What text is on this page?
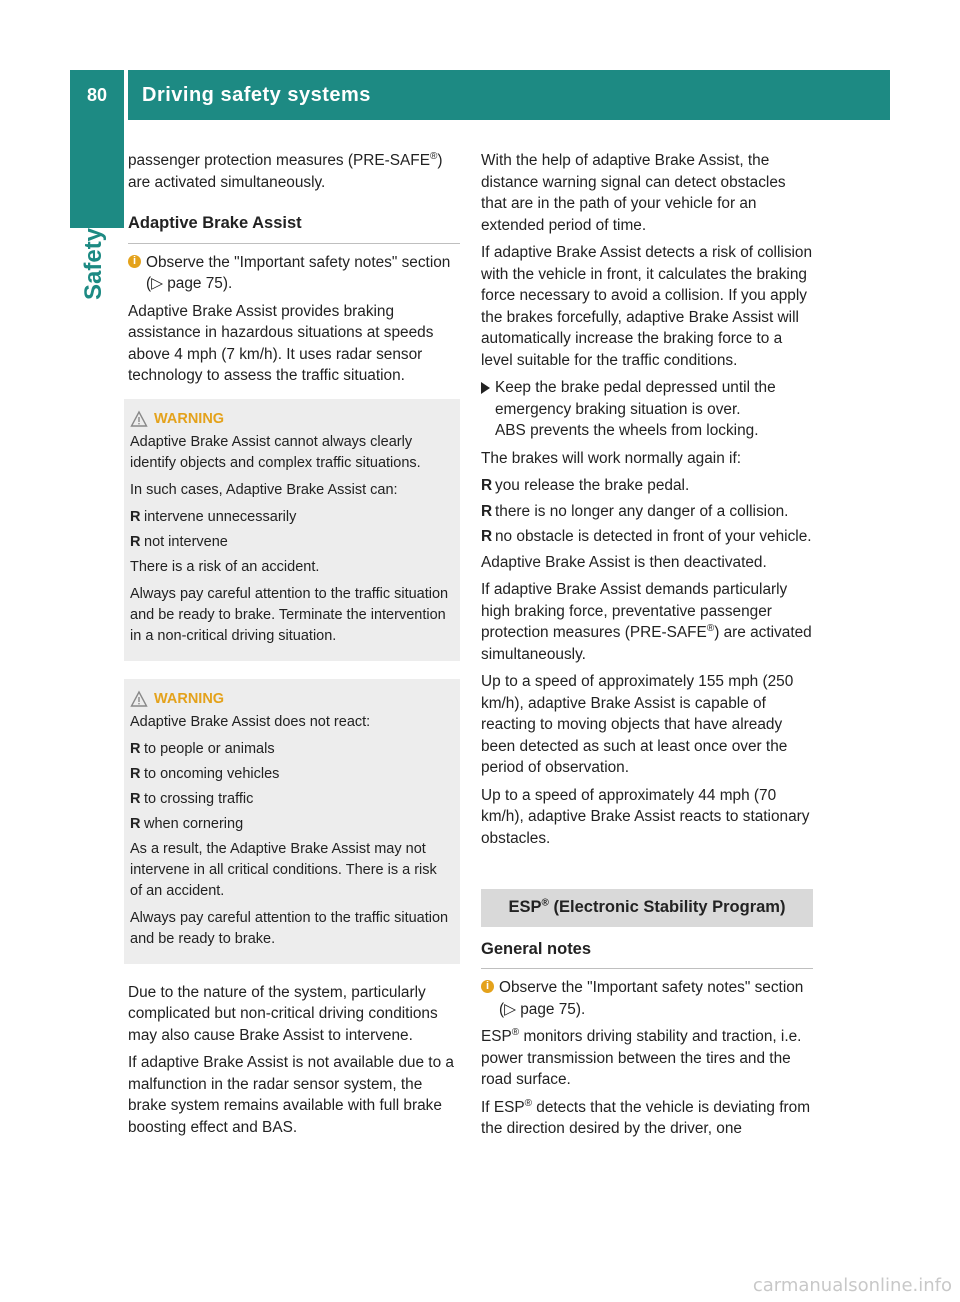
80	Driving safety systems
Safety

passenger protection measures (PRE-SAFE®)
are activated simultaneously.

Adaptive Brake Assist
i Observe the "Important safety notes" section (▷ page 75).

Adaptive Brake Assist provides braking assistance in hazardous situations at speeds above 4 mph (7 km/h). It uses radar sensor technology to assess the traffic situation.

WARNING

Adaptive Brake Assist cannot always clearly identify objects and complex traffic situations.

In such cases, Adaptive Brake Assist can:

R intervene unnecessarily
R not intervene

There is a risk of an accident.

Always pay careful attention to the traffic situation and be ready to brake. Terminate the intervention in a non-critical driving situation.

WARNING

Adaptive Brake Assist does not react:

R to people or animals
R to oncoming vehicles
R to crossing traffic
R when cornering

As a result, the Adaptive Brake Assist may not intervene in all critical conditions. There is a risk of an accident.

Always pay careful attention to the traffic situation and be ready to brake.

Due to the nature of the system, particularly complicated but non-critical driving conditions may also cause Brake Assist to intervene.

If adaptive Brake Assist is not available due to a malfunction in the radar sensor system, the brake system remains available with full brake boosting effect and BAS.

With the help of adaptive Brake Assist, the distance warning signal can detect obstacles that are in the path of your vehicle for an extended period of time.

If adaptive Brake Assist detects a risk of collision with the vehicle in front, it calculates the braking force necessary to avoid a collision. If you apply the brakes forcefully, adaptive Brake Assist will automatically increase the braking force to a level suitable for the traffic conditions.

Keep the brake pedal depressed until the emergency braking situation is over.
ABS prevents the wheels from locking.

The brakes will work normally again if:

R you release the brake pedal.
R there is no longer any danger of a collision.
R no obstacle is detected in front of your vehicle.

Adaptive Brake Assist is then deactivated.

If adaptive Brake Assist demands particularly high braking force, preventative passenger protection measures (PRE-SAFE®) are activated simultaneously.

Up to a speed of approximately 155 mph (250 km/h), adaptive Brake Assist is capable of reacting to moving objects that have already been detected as such at least once over the period of observation.

Up to a speed of approximately 44 mph (70 km/h), adaptive Brake Assist reacts to stationary obstacles.

ESP® (Electronic Stability Program)
General notes
i Observe the "Important safety notes" section (▷ page 75).

ESP® monitors driving stability and traction, i.e. power transmission between the tires and the road surface.

If ESP® detects that the vehicle is deviating from the direction desired by the driver, one

carmanualsonline.info
